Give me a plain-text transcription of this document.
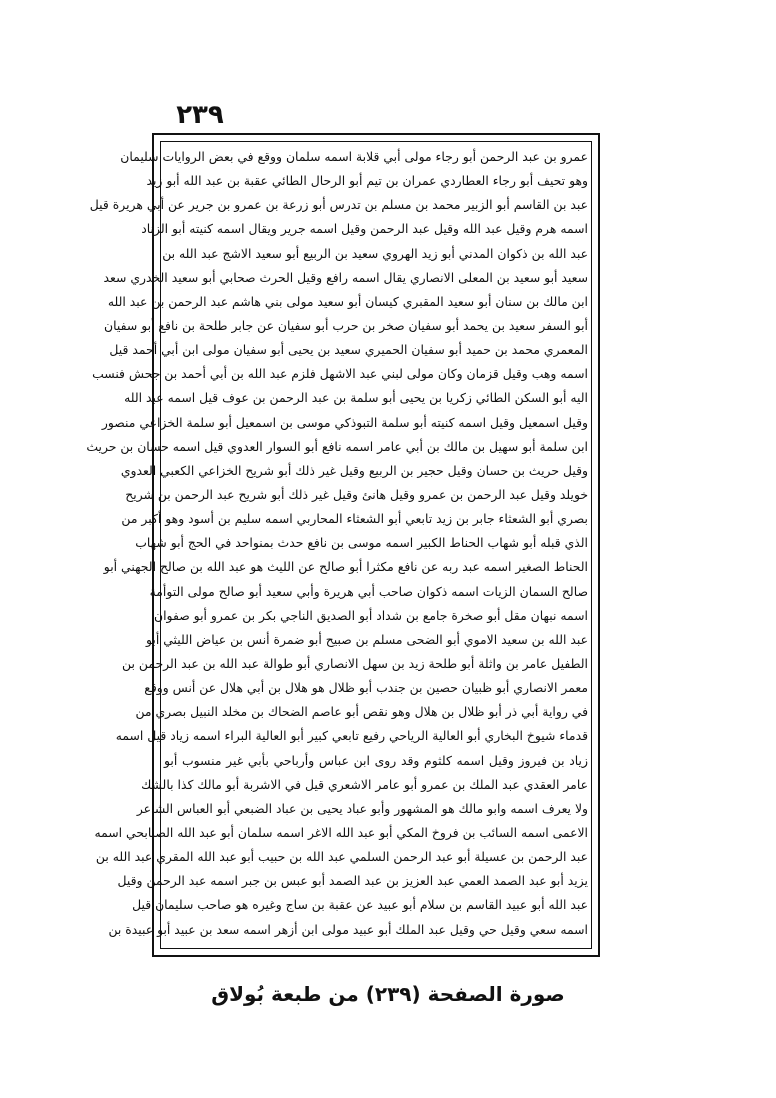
٢٣٩
عمرو بن عبد الرحمن أبو رجاء مولى أبي قلابة اسمه سلمان ووقع في بعض الروايات سليمان
وهو تحيف أبو رجاء العطاردي عمران بن تيم أبو الرحال الطائي عقبة بن عبد الله أبو زيد
عبد بن القاسم أبو الزبير محمد بن مسلم بن تدرس أبو زرعة بن عمرو بن جرير عن أبي هريرة قيل
اسمه هرم وقيل عبد الله وقيل عبد الرحمن وقيل اسمه جرير ويقال اسمه كنيته أبو الزناد
عبد الله بن ذكوان المدني أبو زيد الهروي سعيد بن الربيع أبو سعيد الاشج عبد الله بن
سعيد أبو سعيد بن المعلى الانصاري يقال اسمه رافع وقيل الحرث صحابي أبو سعيد الخدري سعد
ابن مالك بن سنان أبو سعيد المقبري كيسان أبو سعيد مولى بني هاشم عبد الرحمن بن عبد الله
أبو السفر سعيد بن يحمد أبو سفيان صخر بن حرب أبو سفيان عن جابر طلحة بن نافع أبو سفيان
المعمري محمد بن حميد أبو سفيان الحميري سعيد بن يحيى أبو سفيان مولى ابن أبي أحمد قيل
اسمه وهب وقيل قزمان وكان مولى لبني عبد الاشهل فلزم عبد الله بن أبي أحمد بن جحش فنسب
اليه أبو السكن الطائي زكريا بن يحيى أبو سلمة بن عبد الرحمن بن عوف قيل اسمه عبد الله
وقيل اسمعيل وقيل اسمه كنيته أبو سلمة التبوذكي موسى بن اسمعيل أبو سلمة الخزاعي منصور
ابن سلمة أبو سهيل بن مالك بن أبي عامر اسمه نافع أبو السوار العدوي قيل اسمه حسان بن حريث
وقيل حريث بن حسان وقيل حجير بن الربيع وقيل غير ذلك أبو شريح الخزاعي الكعبي العدوي
خويلد وقيل عبد الرحمن بن عمرو وقيل هانئ وقيل غير ذلك أبو شريح عبد الرحمن بن شريح
بصري أبو الشعثاء جابر بن زيد تابعي أبو الشعثاء المحاربي اسمه سليم بن أسود وهو أكبر من
الذي قبله أبو شهاب الحناط الكبير اسمه موسى بن نافع حدث بمنواحد في الحج أبو شهاب
الحناط الصغير اسمه عبد ربه عن نافع مكثرا أبو صالح عن الليث هو عبد الله بن صالح الجهني أبو
صالح السمان الزيات اسمه ذكوان صاحب أبي هريرة وأبي سعيد أبو صالح مولى التوأمة
اسمه نبهان مقل أبو صخرة جامع بن شداد أبو الصديق الناجي بكر بن عمرو أبو صفوان
عبد الله بن سعيد الاموي أبو الضحى مسلم بن صبيح أبو ضمرة أنس بن عياض الليثي أبو
الطفيل عامر بن واثلة أبو طلحة زيد بن سهل الانصاري أبو طوالة عبد الله بن عبد الرحمن بن
معمر الانصاري أبو ظبيان حصين بن جندب أبو ظلال هو هلال بن أبي هلال عن أنس ووقع
في رواية أبي ذر أبو ظلال بن هلال وهو نقص أبو عاصم الضحاك بن مخلد النبيل بصري من
قدماء شيوخ البخاري أبو العالية الرياحي رفيع تابعي كبير أبو العالية البراء اسمه زياد قيل اسمه
زياد بن فيروز وقيل اسمه كلثوم وقد روى ابن عباس وأرباحي بأبي غير منسوب أبو
عامر العقدي عبد الملك بن عمرو أبو عامر الاشعري قيل في الاشربة أبو مالك كذا بالشك
ولا يعرف اسمه وابو مالك هو المشهور وأبو عباد يحيى بن عباد الضبعي أبو العباس الشاعر
الاعمى اسمه السائب بن فروخ المكي أبو عبد الله الاغر اسمه سلمان أبو عبد الله الصنابحي اسمه
عبد الرحمن بن عسيلة أبو عبد الرحمن السلمي عبد الله بن حبيب أبو عبد الله المقري عبد الله بن
يزيد أبو عبد الصمد العمي عبد العزيز بن عبد الصمد أبو عبس بن جبر اسمه عبد الرحمن وقيل
عبد الله أبو عبيد القاسم بن سلام أبو عبيد عن عقبة بن ساج وغيره هو صاحب سليمان قيل
اسمه سعي وقيل حي وقيل عبد الملك أبو عبيد مولى ابن أزهر اسمه سعد بن عبيد أبو عبيدة بن
صورة الصفحة (٢٣٩) من طبعة بُولاق
